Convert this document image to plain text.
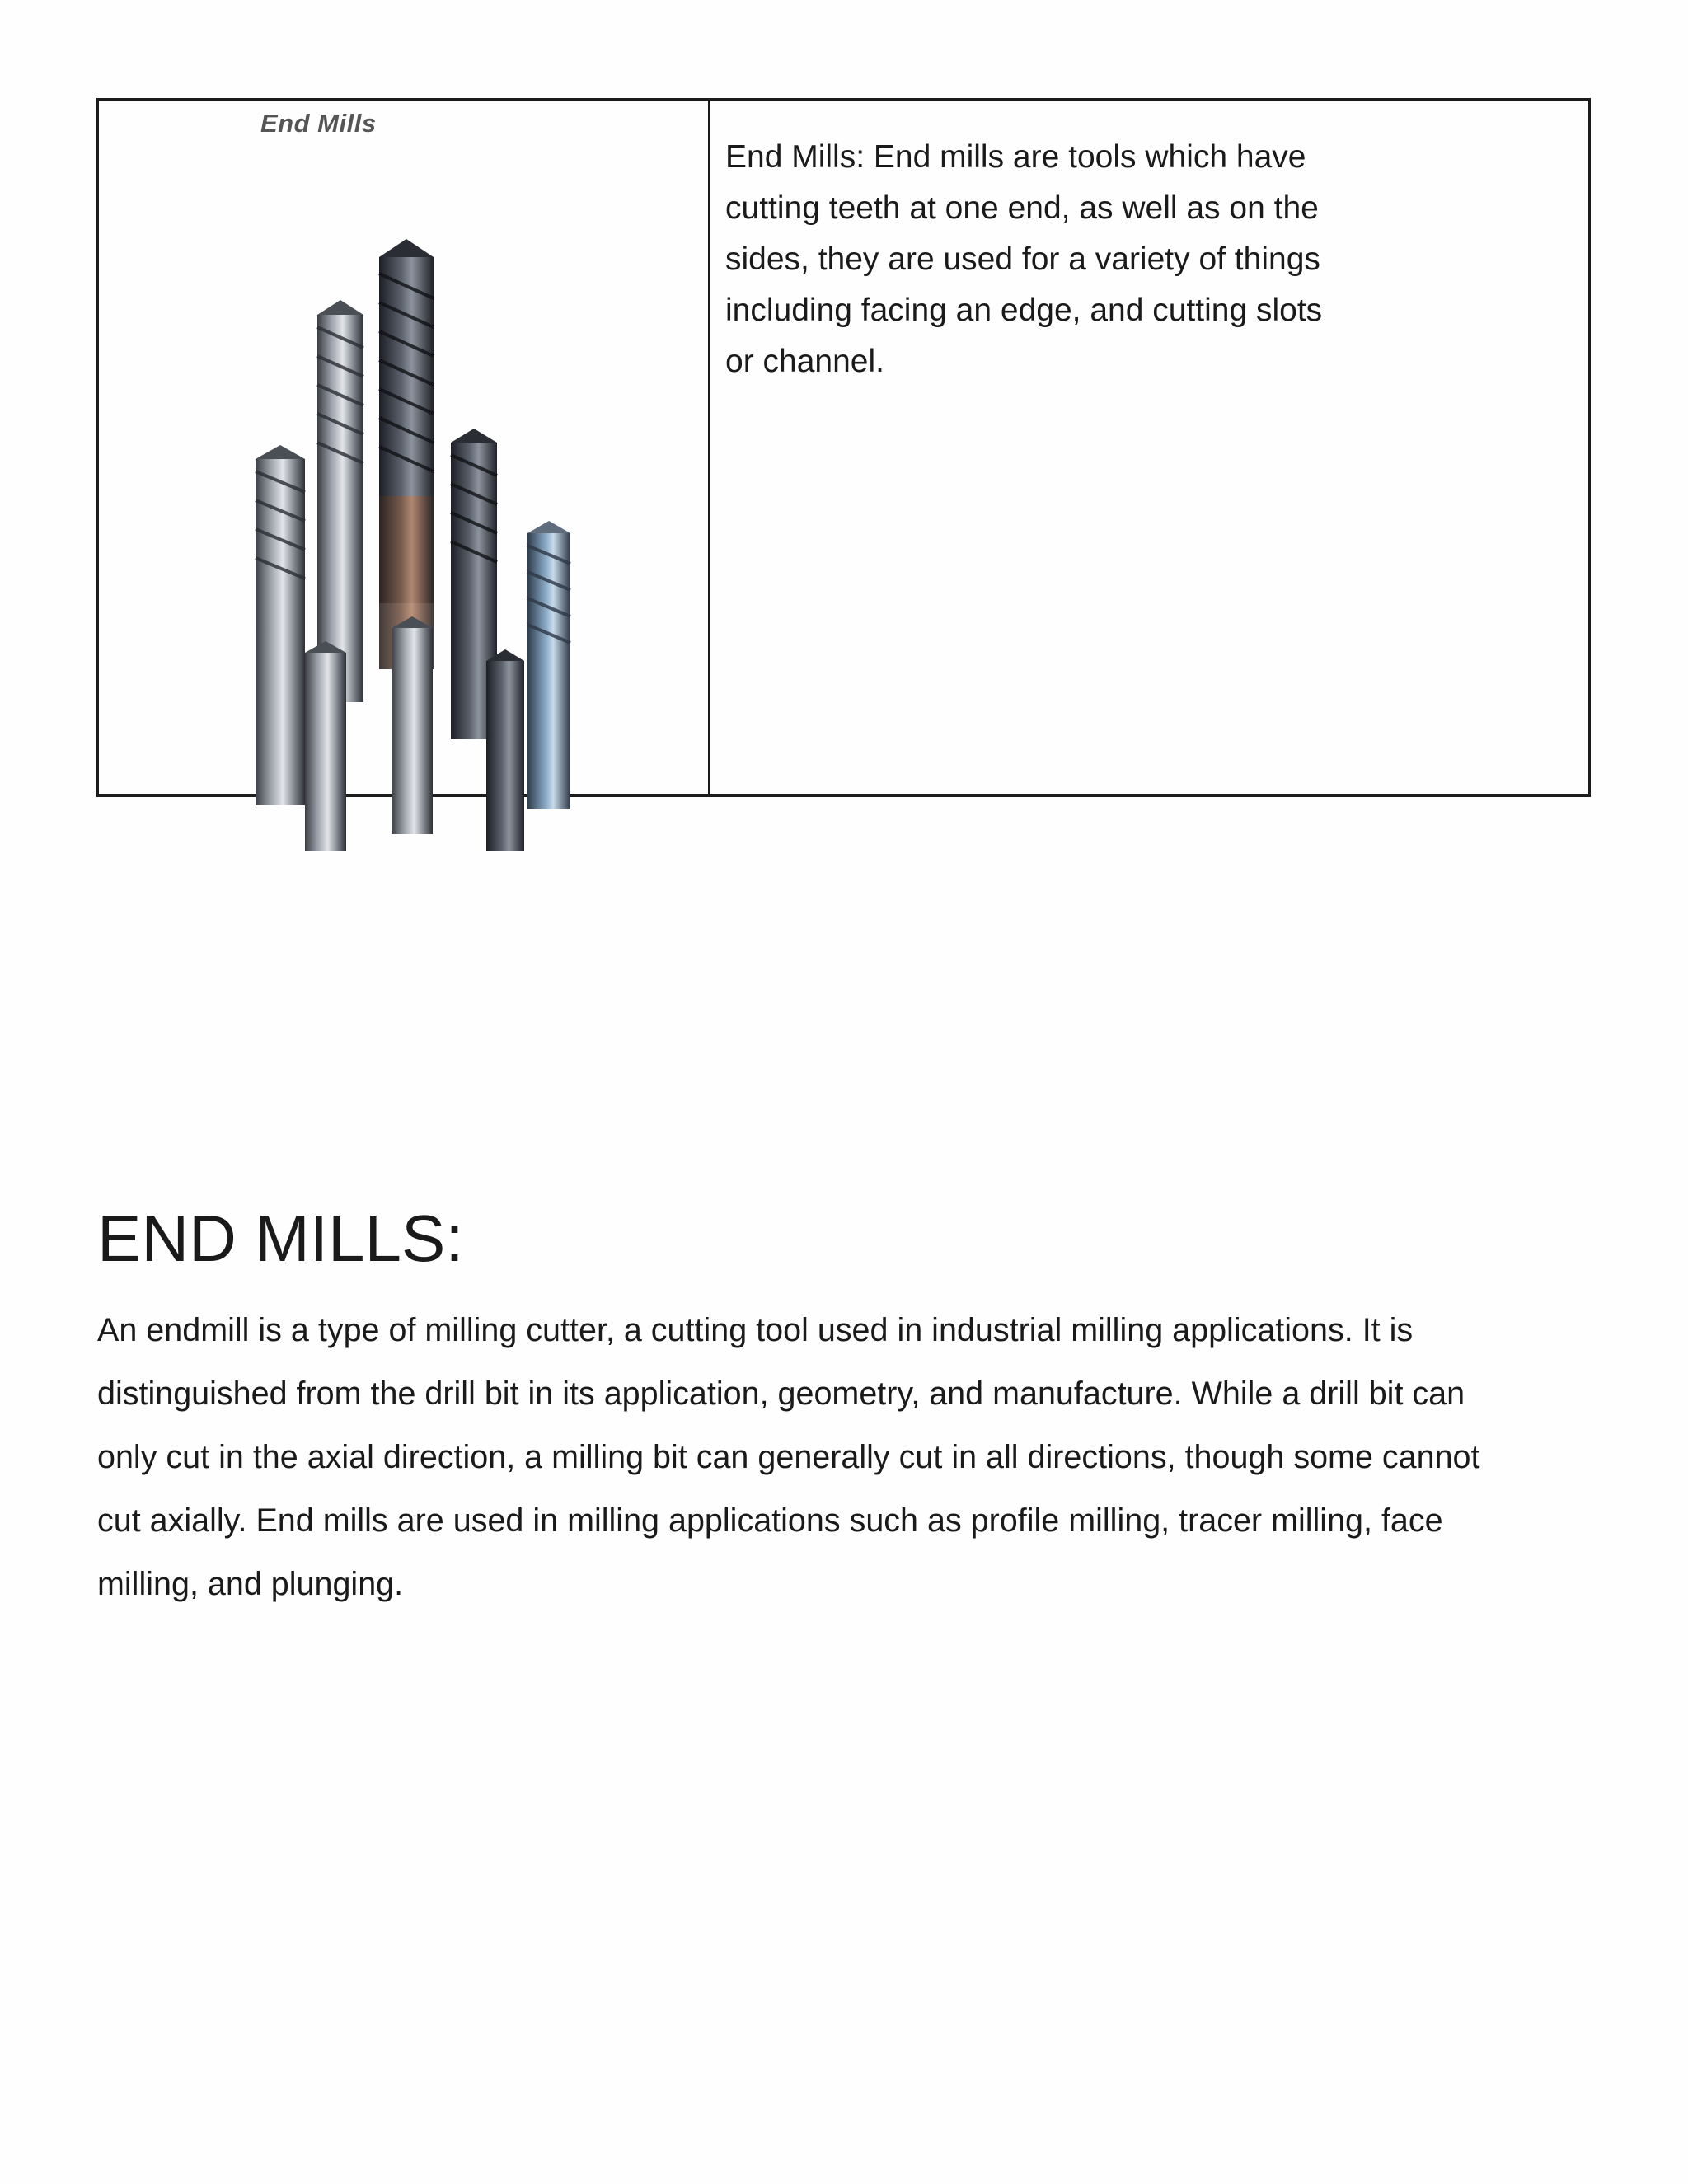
End Mills

End Mills: End mills are tools which have cutting teeth at one end, as well as on the sides, they are used for a variety of things including facing an edge, and cutting slots or channel.

END MILLS:

An endmill is a type of milling cutter, a cutting tool used in industrial milling applications. It is distinguished from the drill bit in its application, geometry, and manufacture. While a drill bit can only cut in the axial direction, a milling bit can generally cut in all directions, though some cannot cut axially. End mills are used in milling applications such as profile milling, tracer milling, face milling, and plunging.
